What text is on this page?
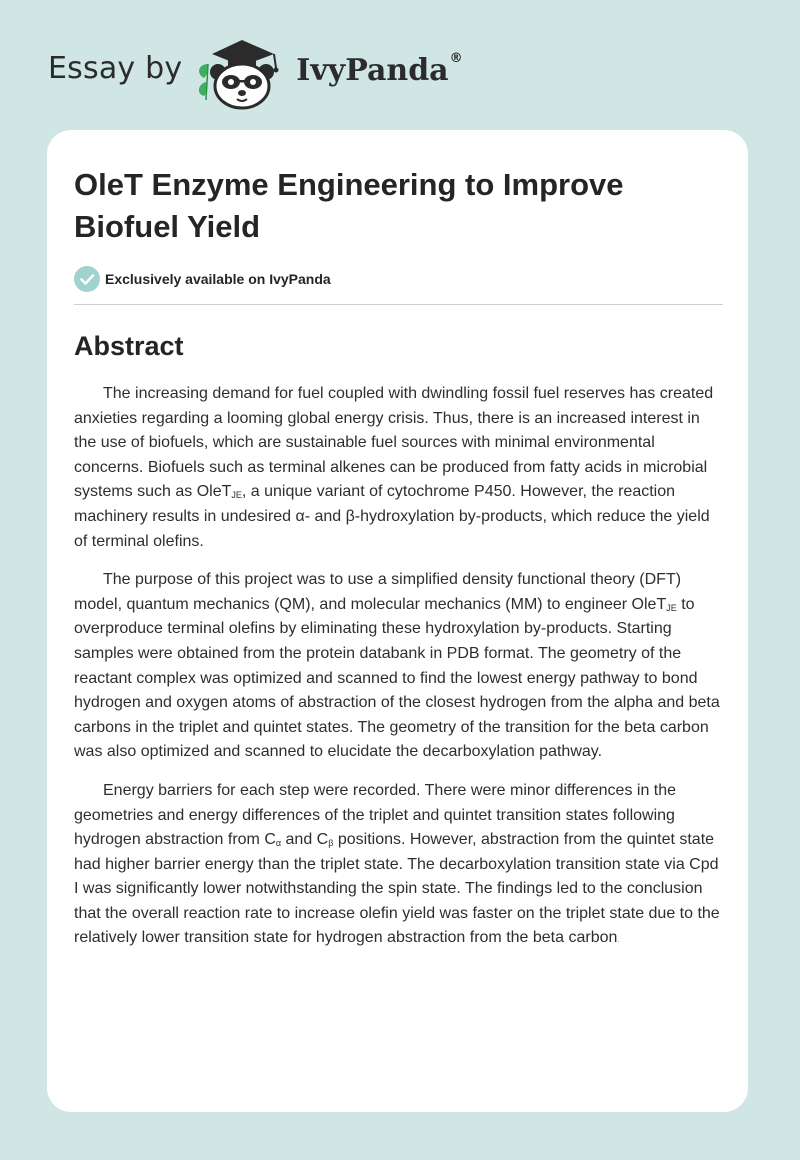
Essay by	IvyPanda ®
OleT Enzyme Engineering to Improve Biofuel Yield
Exclusively available on IvyPanda
Abstract

The increasing demand for fuel coupled with dwindling fossil fuel reserves has created anxieties regarding a looming global energy crisis. Thus, there is an increased interest in the use of biofuels, which are sustainable fuel sources with minimal environmental concerns. Biofuels such as terminal alkenes can be produced from fatty acids in microbial systems such as OleT$_{JE}$, a unique variant of cytochrome P450. However, the reaction machinery results in undesired α- and β-hydroxylation by-products, which reduce the yield of terminal olefins.

The purpose of this project was to use a simplified density functional theory (DFT) model, quantum mechanics (QM), and molecular mechanics (MM) to engineer OleT$_{JE}$ to overproduce terminal olefins by eliminating these hydroxylation by-products. Starting samples were obtained from the protein databank in PDB format. The geometry of the reactant complex was optimized and scanned to find the lowest energy pathway to bond hydrogen and oxygen atoms of abstraction of the closest hydrogen from the alpha and beta carbons in the triplet and quintet states. The geometry of the transition for the beta carbon was also optimized and scanned to elucidate the decarboxylation pathway.

Energy barriers for each step were recorded. There were minor differences in the geometries and energy differences of the triplet and quintet transition states following hydrogen abstraction from $C_\alpha$ and $C_\beta$ positions. However, abstraction from the quintet state had higher barrier energy than the triplet state. The decarboxylation transition state via Cpd I was significantly lower notwithstanding the spin state. The findings led to the conclusion that the overall reaction rate to increase olefin yield was faster on the triplet state due to the relatively lower transition state for hydrogen abstraction from the beta carbon.
